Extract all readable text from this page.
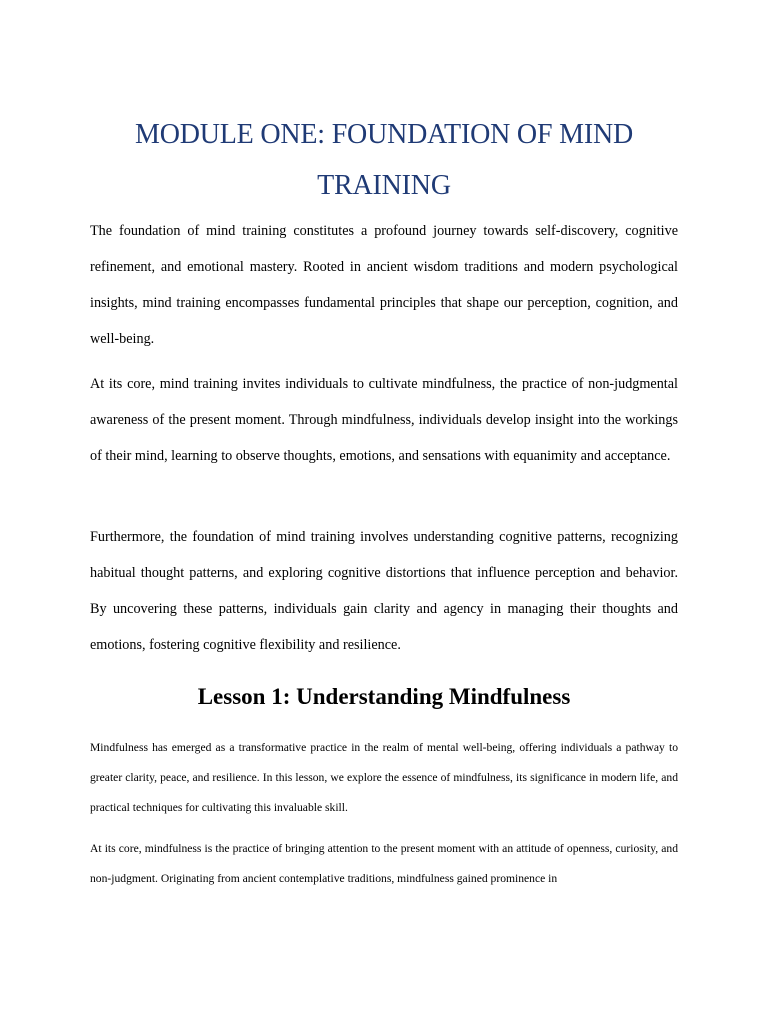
MODULE ONE: FOUNDATION OF MIND TRAINING

The foundation of mind training constitutes a profound journey towards self-discovery, cognitive refinement, and emotional mastery. Rooted in ancient wisdom traditions and modern psychological insights, mind training encompasses fundamental principles that shape our perception, cognition, and well-being.

At its core, mind training invites individuals to cultivate mindfulness, the practice of non-judgmental awareness of the present moment. Through mindfulness, individuals develop insight into the workings of their mind, learning to observe thoughts, emotions, and sensations with equanimity and acceptance.

Furthermore, the foundation of mind training involves understanding cognitive patterns, recognizing habitual thought patterns, and exploring cognitive distortions that influence perception and behavior. By uncovering these patterns, individuals gain clarity and agency in managing their thoughts and emotions, fostering cognitive flexibility and resilience.

Lesson 1: Understanding Mindfulness

Mindfulness has emerged as a transformative practice in the realm of mental well-being, offering individuals a pathway to greater clarity, peace, and resilience. In this lesson, we explore the essence of mindfulness, its significance in modern life, and practical techniques for cultivating this invaluable skill.

At its core, mindfulness is the practice of bringing attention to the present moment with an attitude of openness, curiosity, and non-judgment. Originating from ancient contemplative traditions, mindfulness gained prominence in
